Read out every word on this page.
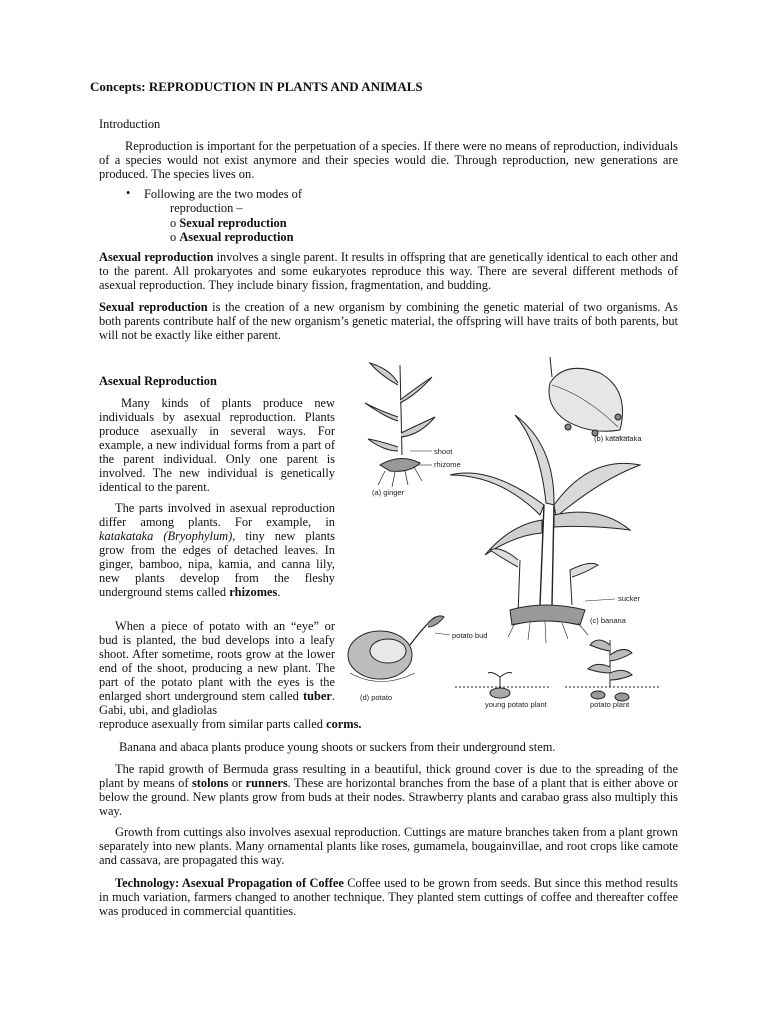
Concepts: REPRODUCTION IN PLANTS AND ANIMALS
Introduction
Reproduction is important for the perpetuation of a species. If there were no means of reproduction, individuals of a species would not exist anymore and their species would die. Through reproduction, new generations are produced. The species lives on.
• Following are the two modes of
reproduction –
o Sexual reproduction
o Asexual reproduction
Asexual reproduction involves a single parent. It results in offspring that are genetically identical to each other and to the parent. All prokaryotes and some eukaryotes reproduce this way. There are several different methods of asexual reproduction. They include binary fission, fragmentation, and budding.
Sexual reproduction is the creation of a new organism by combining the genetic material of two organisms. As both parents contribute half of the new organism’s genetic material, the offspring will have traits of both parents, but will not be exactly like either parent.
Asexual Reproduction
Many kinds of plants produce new individuals by asexual reproduction. Plants produce asexually in several ways. For example, a new individual forms from a part of the parent individual. Only one parent is involved. The new individual is genetically identical to the parent.
The parts involved in asexual reproduction differ among plants. For example, in katakataka (Bryophylum), tiny new plants grow from the edges of detached leaves. In ginger, bamboo, nipa, kamia, and canna lily, new plants develop from the fleshy underground stems called rhizomes.
When a piece of potato with an “eye” or bud is planted, the bud develops into a leafy shoot. After sometime, roots grow at the lower end of the shoot, producing a new plant. The part of the potato plant with the eyes is the enlarged short underground stem called tuber. Gabi, ubi, and gladiolas
reproduce asexually from similar parts called corms.
shoot
rhizome
(a) ginger
(b) katakataka
sucker
(c) banana
potato bud
(d) potato
young potato plant	potato plant
Banana and abaca plants produce young shoots or suckers from their underground stem.
The rapid growth of Bermuda grass resulting in a beautiful, thick ground cover is due to the spreading of the plant by means of stolons or runners. These are horizontal branches from the base of a plant that is either above or below the ground. New plants grow from buds at their nodes. Strawberry plants and carabao grass also multiply this way.
Growth from cuttings also involves asexual reproduction. Cuttings are mature branches taken from a plant grown separately into new plants. Many ornamental plants like roses, gumamela, bougainvillae, and root crops like camote and cassava, are propagated this way.
Technology: Asexual Propagation of Coffee Coffee used to be grown from seeds. But since this method results in much variation, farmers changed to another technique. They planted stem cuttings of coffee and thereafter coffee was produced in commercial quantities.
